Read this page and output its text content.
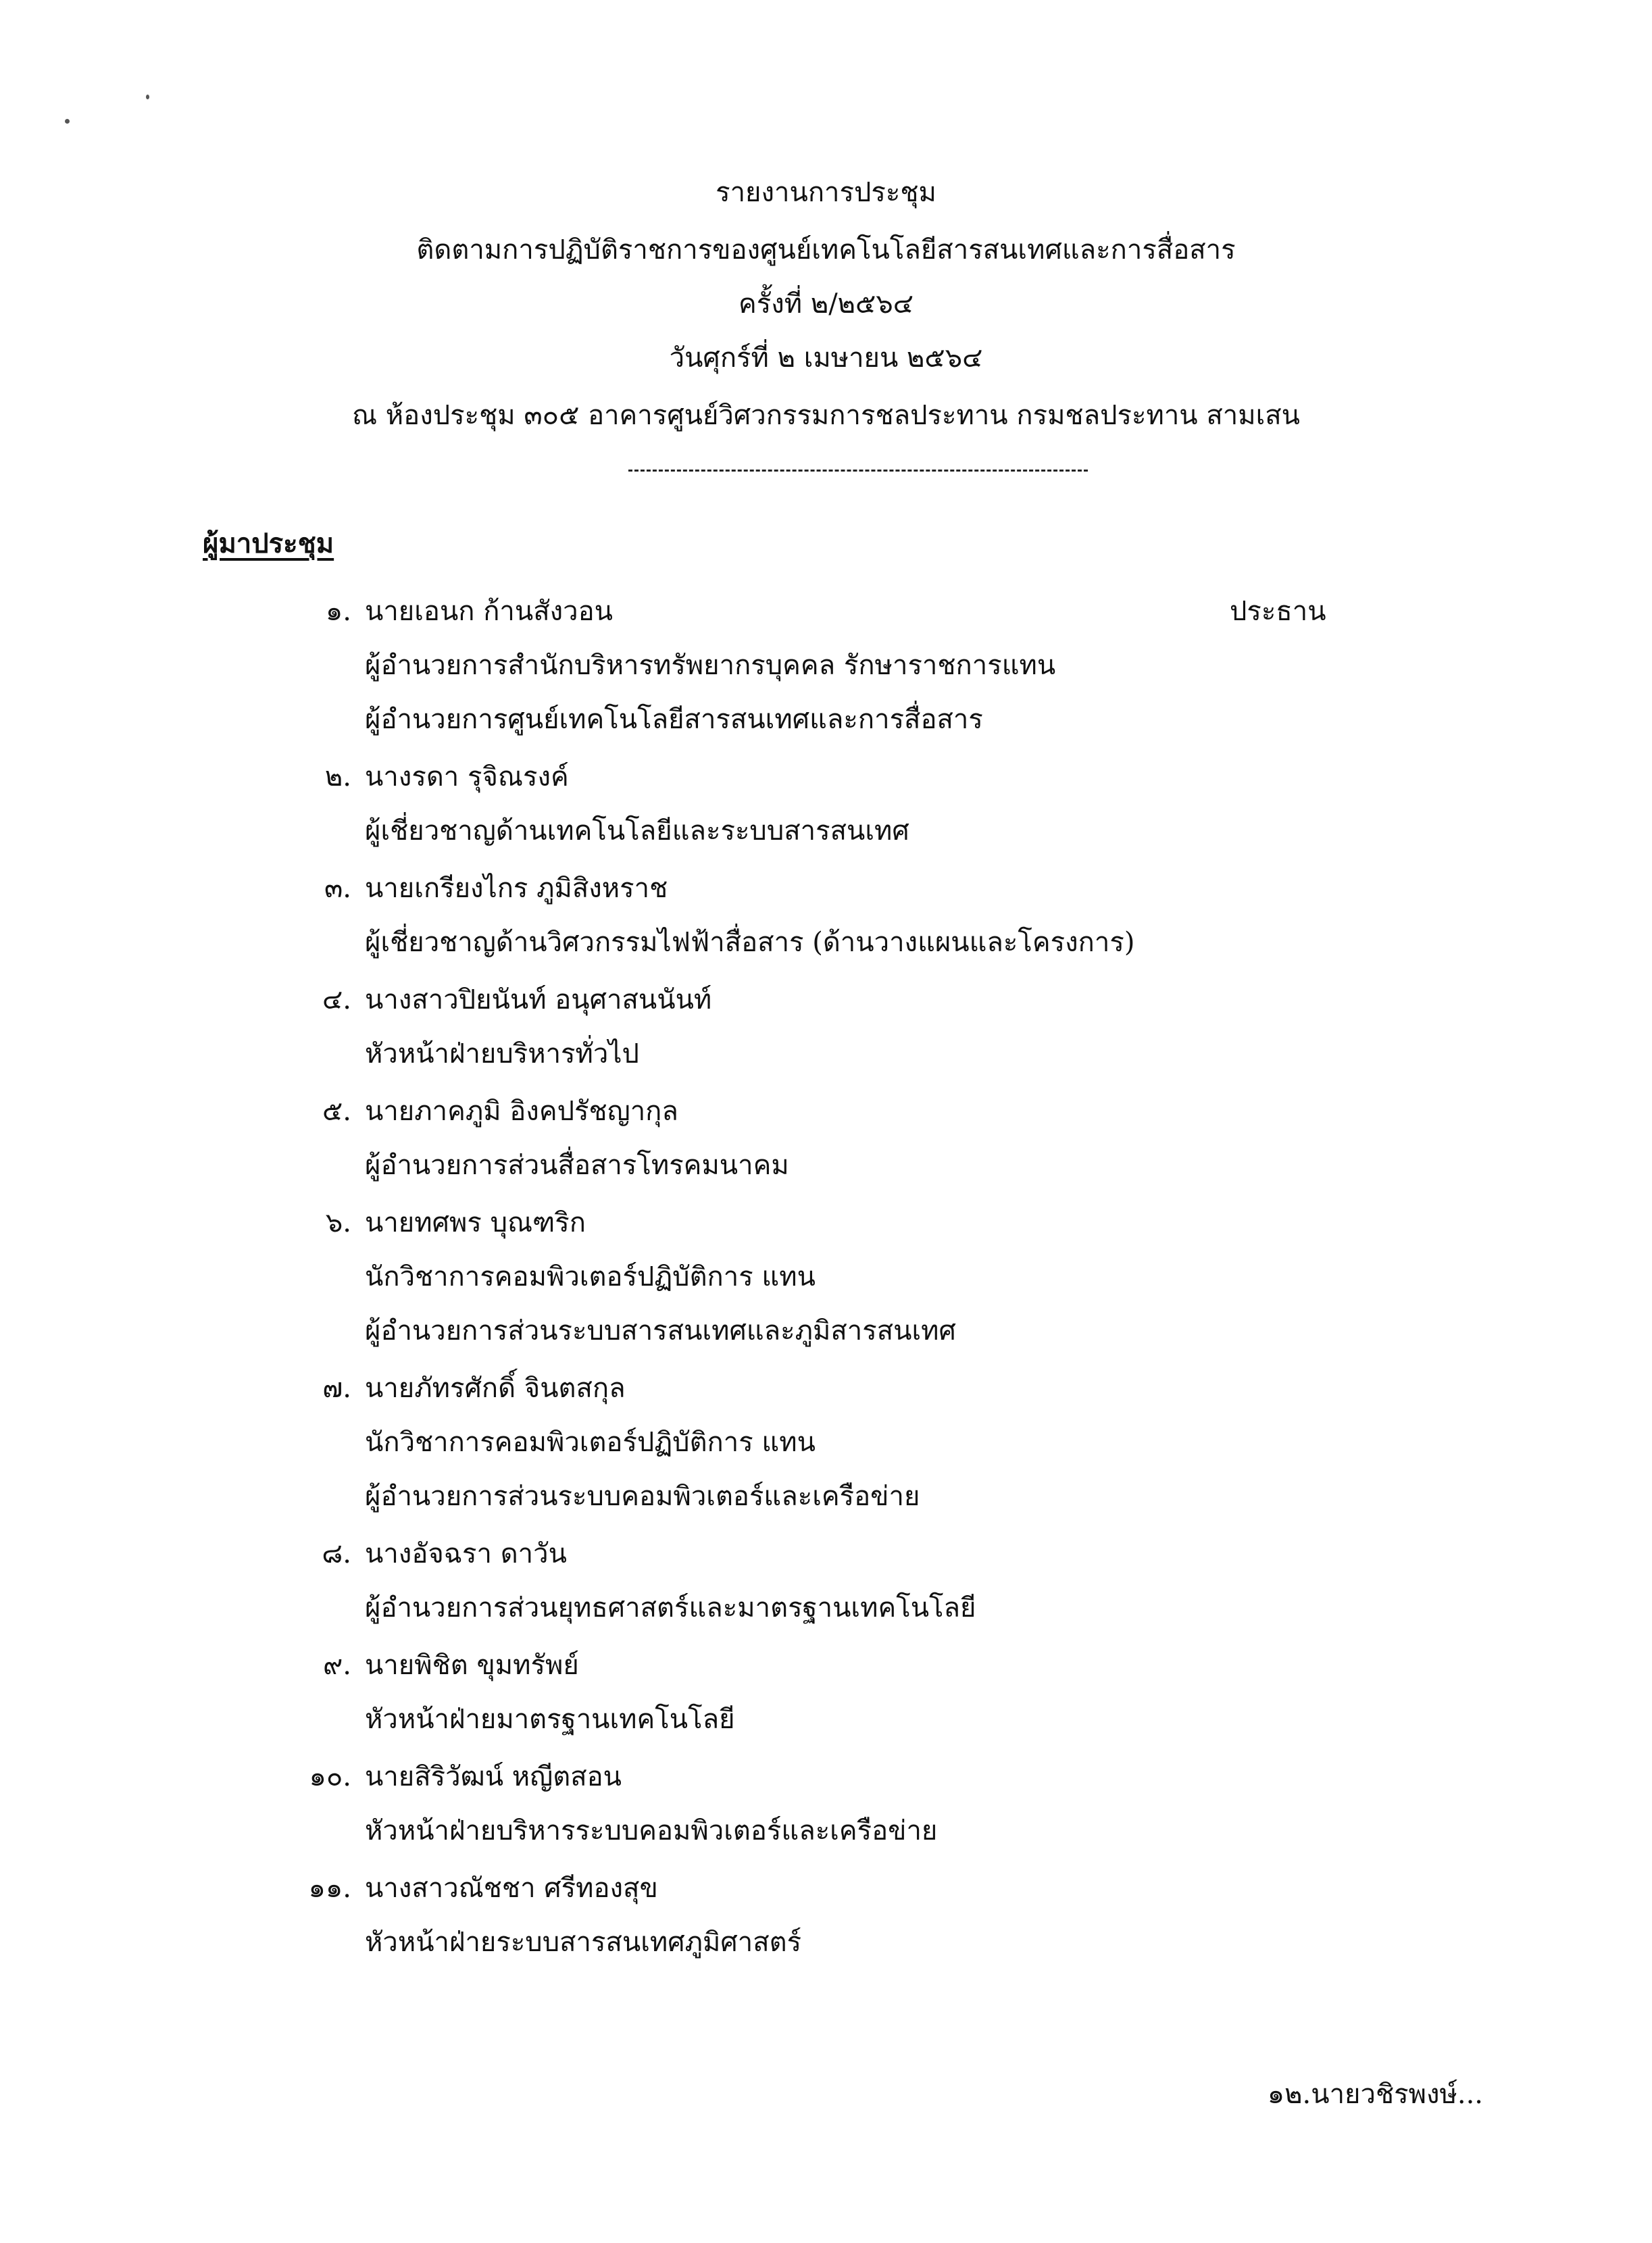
รายงานการประชุม
ติดตามการปฏิบัติราชการของศูนย์เทคโนโลยีสารสนเทศและการสื่อสาร
ครั้งที่ ๒/๒๕๖๔
วันศุกร์ที่ ๒ เมษายน ๒๕๖๔
ณ ห้องประชุม ๓๐๕ อาคารศูนย์วิศวกรรมการชลประทาน กรมชลประทาน สามเสน
ผู้มาประชุม
๑. นายเอนก ก้านสังวอน	ประธาน
ผู้อำนวยการสำนักบริหารทรัพยากรบุคคล รักษาราชการแทน
ผู้อำนวยการศูนย์เทคโนโลยีสารสนเทศและการสื่อสาร
๒. นางรดา รุจิณรงค์
ผู้เชี่ยวชาญด้านเทคโนโลยีและระบบสารสนเทศ
๓. นายเกรียงไกร ภูมิสิงหราช
ผู้เชี่ยวชาญด้านวิศวกรรมไฟฟ้าสื่อสาร (ด้านวางแผนและโครงการ)
๔. นางสาวปิยนันท์ อนุศาสนนันท์
หัวหน้าฝ่ายบริหารทั่วไป
๕. นายภาคภูมิ อิงคปรัชญากุล
ผู้อำนวยการส่วนสื่อสารโทรคมนาคม
๖. นายทศพร บุณฑริก
นักวิชาการคอมพิวเตอร์ปฏิบัติการ แทน
ผู้อำนวยการส่วนระบบสารสนเทศและภูมิสารสนเทศ
๗. นายภัทรศักดิ์ จินตสกุล
นักวิชาการคอมพิวเตอร์ปฏิบัติการ แทน
ผู้อำนวยการส่วนระบบคอมพิวเตอร์และเครือข่าย
๘. นางอัจฉรา ดาวัน
ผู้อำนวยการส่วนยุทธศาสตร์และมาตรฐานเทคโนโลยี
๙. นายพิชิต ขุมทรัพย์
หัวหน้าฝ่ายมาตรฐานเทคโนโลยี
๑๐. นายสิริวัฒน์ หญีตสอน
หัวหน้าฝ่ายบริหารระบบคอมพิวเตอร์และเครือข่าย
๑๑. นางสาวณัชชา ศรีทองสุข
หัวหน้าฝ่ายระบบสารสนเทศภูมิศาสตร์
๑๒.นายวชิรพงษ์...
